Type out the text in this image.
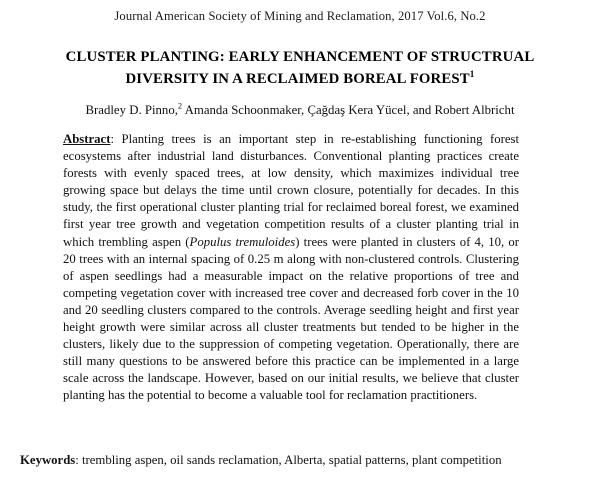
Journal American Society of Mining and Reclamation, 2017 Vol.6, No.2
CLUSTER PLANTING: EARLY ENHANCEMENT OF STRUCTRUAL
DIVERSITY IN A RECLAIMED BOREAL FOREST$^1$
Bradley D. Pinno,$^2$ Amanda Schoonmaker, Çağdaş Kera Yücel, and Robert Albricht
Abstract: Planting trees is an important step in re-establishing functioning forest ecosystems after industrial land disturbances. Conventional planting practices create forests with evenly spaced trees, at low density, which maximizes individual tree growing space but delays the time until crown closure, potentially for decades. In this study, the first operational cluster planting trial for reclaimed boreal forest, we examined first year tree growth and vegetation competition results of a cluster planting trial in which trembling aspen (Populus tremuloides) trees were planted in clusters of 4, 10, or 20 trees with an internal spacing of 0.25 m along with non-clustered controls. Clustering of aspen seedlings had a measurable impact on the relative proportions of tree and competing vegetation cover with increased tree cover and decreased forb cover in the 10 and 20 seedling clusters compared to the controls. Average seedling height and first year height growth were similar across all cluster treatments but tended to be higher in the clusters, likely due to the suppression of competing vegetation. Operationally, there are still many questions to be answered before this practice can be implemented in a large scale across the landscape. However, based on our initial results, we believe that cluster planting has the potential to become a valuable tool for reclamation practitioners.
Keywords: trembling aspen, oil sands reclamation, Alberta, spatial patterns, plant competition
